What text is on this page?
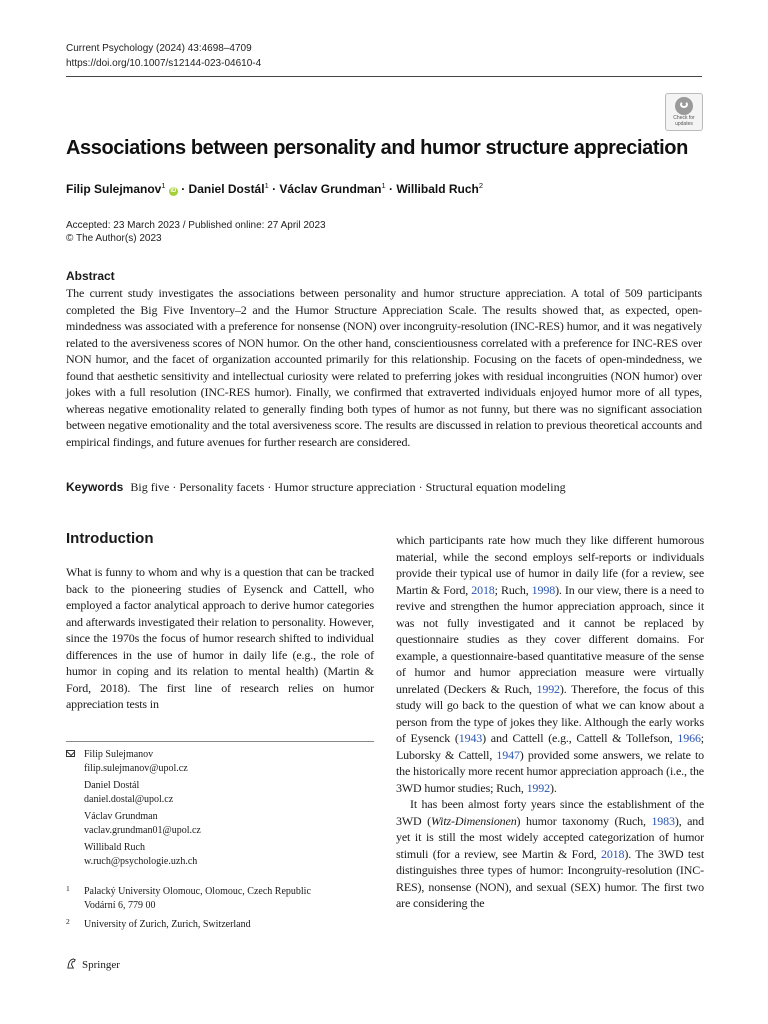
Current Psychology (2024) 43:4698–4709
https://doi.org/10.1007/s12144-023-04610-4
Check for
updates
Associations between personality and humor structure appreciation
Filip Sulejmanov$^1$ iD · Daniel Dostál$^1$ · Václav Grundman$^1$ · Willibald Ruch$^2$
Accepted: 23 March 2023 / Published online: 27 April 2023
© The Author(s) 2023
Abstract
The current study investigates the associations between personality and humor structure appreciation. A total of 509 participants completed the Big Five Inventory–2 and the Humor Structure Appreciation Scale. The results showed that, as expected, open-mindedness was associated with a preference for nonsense (NON) over incongruity-resolution (INC-RES) humor, and it was negatively related to the aversiveness scores of NON humor. On the other hand, conscientiousness correlated with a preference for INC-RES over NON humor, and the facet of organization accounted primarily for this relationship. Focusing on the facets of open-mindedness, we found that aesthetic sensitivity and intellectual curiosity were related to preferring jokes with residual incongruities (NON humor) over jokes with a full resolution (INC-RES humor). Finally, we confirmed that extraverted individuals enjoyed humor more of all types, whereas negative emotionality related to generally finding both types of humor as not funny, but there was no significant association between negative emotionality and the total aversiveness score. The results are discussed in relation to previous theoretical accounts and empirical findings, and future avenues for further research are considered.
Keywords Big five · Personality facets · Humor structure appreciation · Structural equation modeling
Introduction

What is funny to whom and why is a question that can be tracked back to the pioneering studies of Eysenck and Cattell, who employed a factor analytical approach to derive humor categories and afterwards investigated their relation to personality. However, since the 1970s the focus of humor research shifted to individual differences in the use of humor in daily life (e.g., the role of humor in coping and its relation to mental health) (Martin & Ford, 2018). The first line of research relies on humor appreciation tests in

which participants rate how much they like different humorous material, while the second employs self-reports or individuals provide their typical use of humor in daily life (for a review, see Martin & Ford, 2018; Ruch, 1998). In our view, there is a need to revive and strengthen the humor appreciation approach, since it was not fully investigated and it cannot be replaced by questionnaire studies as they cover different domains. For example, a questionnaire-based quantitative measure of the sense of humor and humor appreciation measure were virtually unrelated (Deckers & Ruch, 1992). Therefore, the focus of this study will go back to the question of what we can know about a person from the type of jokes they like. Although the early works of Eysenck (1943) and Cattell (e.g., Cattell & Tollefson, 1966; Luborsky & Cattell, 1947) provided some answers, we relate to the historically more recent humor appreciation approach (i.e., the 3WD humor studies; Ruch, 1992).

It has been almost forty years since the establishment of the 3WD (Witz-Dimensionen) humor taxonomy (Ruch, 1983), and yet it is still the most widely accepted categorization of humor stimuli (for a review, see Martin & Ford, 2018). The 3WD test distinguishes three types of humor: Incongruity-resolution (INC-RES), nonsense (NON), and sexual (SEX) humor. The first two are considering the

Filip Sulejmanov
filip.sulejmanov@upol.cz
Daniel Dostál
daniel.dostal@upol.cz
Václav Grundman
vaclav.grundman01@upol.cz
Willibald Ruch
w.ruch@psychologie.uzh.ch
1 Palacký University Olomouc, Olomouc, Czech Republic
Vodární 6, 779 00
2 University of Zurich, Zurich, Switzerland
Springer
